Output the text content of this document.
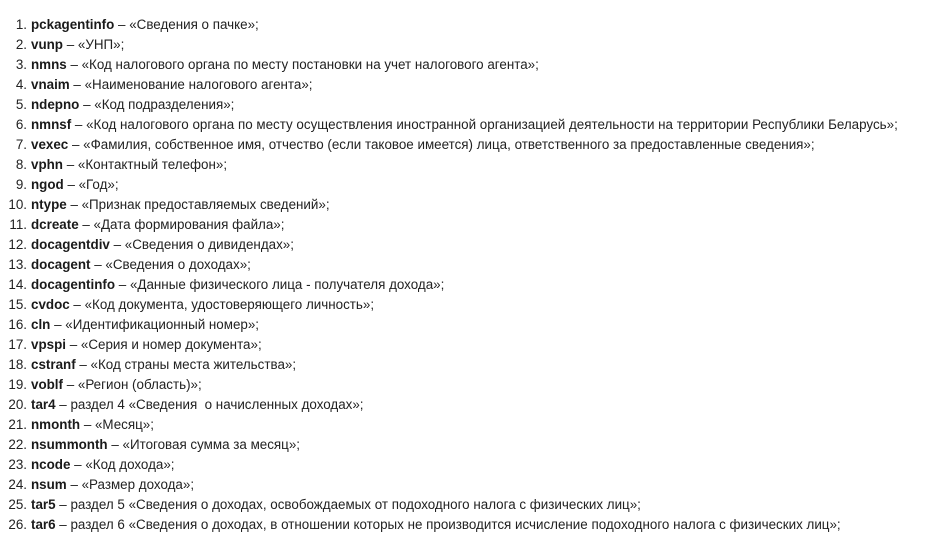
1. pckagentinfo – «Сведения о пачке»;
2. vunp – «УНП»;
3. nmns – «Код налогового органа по месту постановки на учет налогового агента»;
4. vnaim – «Наименование налогового агента»;
5. ndepno – «Код подразделения»;
6. nmnsf – «Код налогового органа по месту осуществления иностранной организацией деятельности на территории Республики Беларусь»;
7. vexec – «Фамилия, собственное имя, отчество (если таковое имеется) лица, ответственного за предоставленные сведения»;
8. vphn – «Контактный телефон»;
9. ngod – «Год»;
10. ntype – «Признак предоставляемых сведений»;
11. dcreate – «Дата формирования файла»;
12. docagentdiv – «Сведения о дивидендах»;
13. docagent – «Сведения о доходах»;
14. docagentinfo – «Данные физического лица - получателя дохода»;
15. cvdoc – «Код документа, удостоверяющего личность»;
16. cln – «Идентификационный номер»;
17. vpspi – «Серия и номер документа»;
18. cstranf – «Код страны места жительства»;
19. voblf – «Регион (область)»;
20. tar4 – раздел 4 «Сведения  о начисленных доходах»;
21. nmonth – «Месяц»;
22. nsummonth – «Итоговая сумма за месяц»;
23. ncode – «Код дохода»;
24. nsum – «Размер дохода»;
25. tar5 – раздел 5 «Сведения о доходах, освобождаемых от подоходного налога с физических лиц»;
26. tar6 – раздел 6 «Сведения о доходах, в отношении которых не производится исчисление подоходного налога с физических лиц»;
